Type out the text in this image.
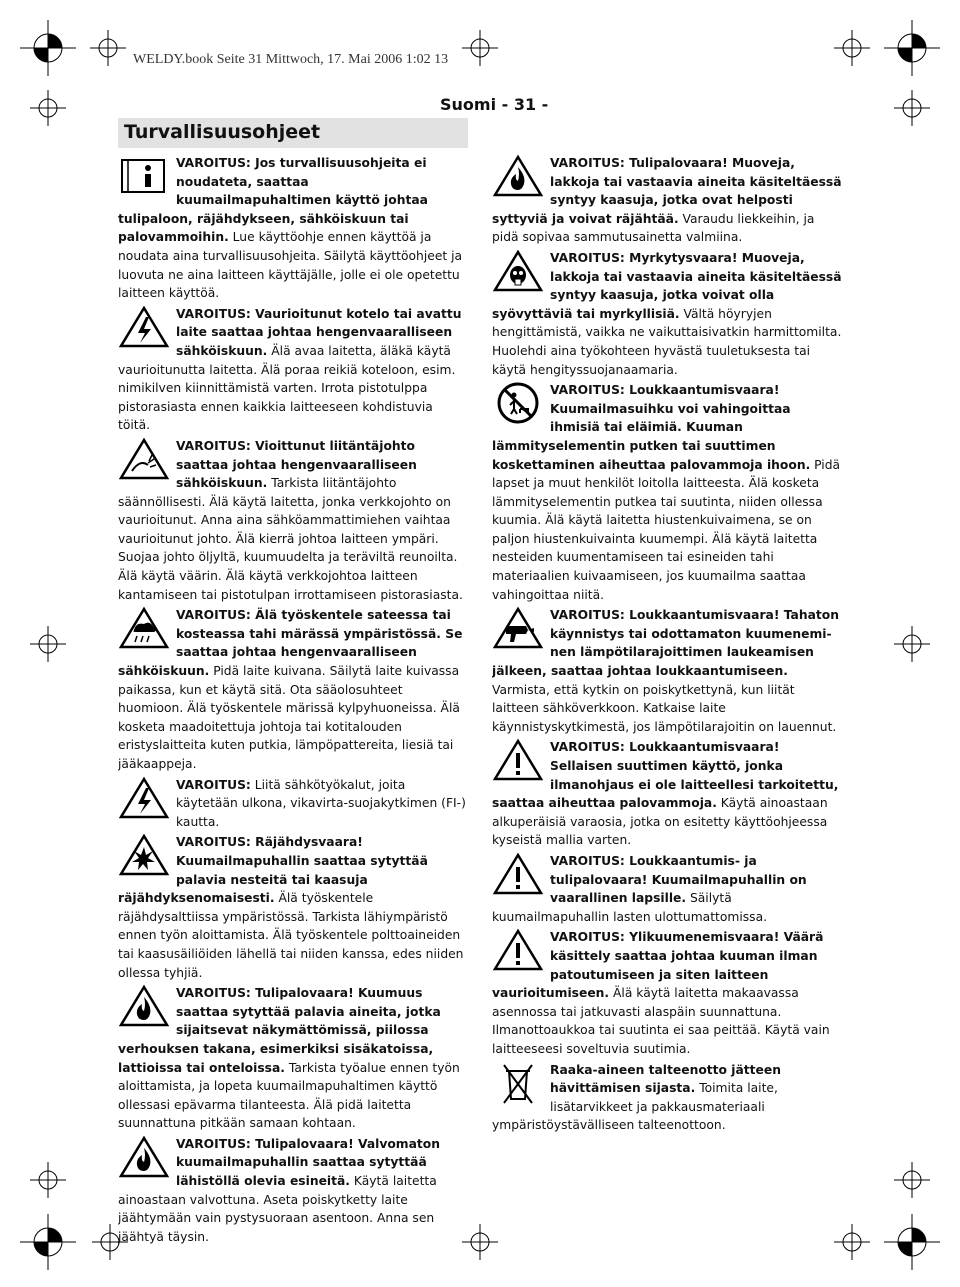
WELDY.book Seite 31 Mittwoch, 17. Mai 2006 1:02 13
Suomi - 31 -
Turvallisuusohjeet

VAROITUS: Jos turvallisuusohjeita ei noudateta, saattaa kuumailmapuhaltimen käyttö johtaa tulipaloon, räjähdykseen, sähköiskuun tai palovammoihin. Lue käyttöohje ennen käyttöä ja noudata aina turvallisuusohjeita. Säilytä käyttöohjeet ja luovuta ne aina laitteen käyttäjälle, jolle ei ole opetettu laitteen käyttöä.

VAROITUS: Vaurioitunut kotelo tai avattu laite saattaa johtaa hengenvaaralliseen sähköiskuun. Älä avaa laitetta, äläkä käytä vaurioitunutta laitetta. Älä poraa reikiä koteloon, esim. nimikilven kiinnittämistä varten. Irrota pistotulppa pistorasiasta ennen kaikkia laitteeseen kohdistuvia töitä.

VAROITUS: Vioittunut liitäntäjohto saattaa johtaa hengenvaaralliseen sähköiskuun. Tarkista liitäntäjohto säännöllisesti. Älä käytä laitetta, jonka verkkojohto on vaurioitunut. Anna aina sähköammattimiehen vaihtaa vaurioitunut johto. Älä kierrä johtoa laitteen ympäri. Suojaa johto öljyltä, kuumuudelta ja teräviltä reunoilta. Älä käytä väärin. Älä käytä verkkojohtoa laitteen kantamiseen tai pistotulpan irrottamiseen pistorasiasta.

VAROITUS: Älä työskentele sateessa tai kosteassa tahi märässä ympäristössä. Se saattaa johtaa hengenvaaralliseen sähköiskuun. Pidä laite kuivana. Säilytä laite kuivassa paikassa, kun et käytä sitä. Ota sääolosuhteet huomioon. Älä työskentele märissä kylpyhuoneissa. Älä kosketa maadoitettuja johtoja tai kotitalouden eristyslaitteita kuten putkia, lämpöpattereita, liesiä tai jääkaappeja.

VAROITUS: Liitä sähkötyökalut, joita käytetään ulkona, vikavirta-suojakytkimen (FI-) kautta.

VAROITUS: Räjähdysvaara! Kuumailmapuhallin saattaa sytyttää palavia nesteitä tai kaasuja räjähdyksenomaisesti. Älä työskentele räjähdysalttiissa ympäristössä. Tarkista lähiympäristö ennen työn aloittamista. Älä työskentele polttoaineiden tai kaasusäiliöiden lähellä tai niiden kanssa, edes niiden ollessa tyhjiä.

VAROITUS: Tulipalovaara! Kuumuus saattaa sytyttää palavia aineita, jotka sijaitsevat näkymättömissä, piilossa verhouksen takana, esimerkiksi sisäkatoissa, lattioissa tai onteloissa. Tarkista työalue ennen työn aloittamista, ja lopeta kuumailmapuhaltimen käyttö ollessasi epävarma tilanteesta. Älä pidä laitetta suunnattuna pitkään samaan kohtaan.

VAROITUS: Tulipalovaara! Valvomaton kuumailmapuhallin saattaa sytyttää lähistöllä olevia esineitä. Käytä laitetta ainoastaan valvottuna. Aseta poiskytketty laite jäähtymään vain pystysuoraan asentoon. Anna sen jäähtyä täysin.

VAROITUS: Tulipalovaara! Muoveja, lakkoja tai vastaavia aineita käsiteltäessä syntyy kaasuja, jotka ovat helposti syttyviä ja voivat räjähtää. Varaudu liekkeihin, ja pidä sopivaa sammutusainetta valmiina.

VAROITUS: Myrkytysvaara! Muoveja, lakkoja tai vastaavia aineita käsiteltäessä syntyy kaasuja, jotka voivat olla syövyttäviä tai myrkyllisiä. Vältä höyryjen hengittämistä, vaikka ne vaikuttaisivatkin harmittomilta. Huolehdi aina työkohteen hyvästä tuuletuksesta tai käytä hengityssuojanaamaria.

VAROITUS: Loukkaantumisvaara! Kuumailmasuihku voi vahingoittaa ihmisiä tai eläimiä. Kuuman lämmityselementin putken tai suuttimen koskettaminen aiheuttaa palovammoja ihoon. Pidä lapset ja muut henkilöt loitolla laitteesta. Älä kosketa lämmityselementin putkea tai suutinta, niiden ollessa kuumia. Älä käytä laitetta hiustenkuivaimena, se on paljon hiustenkuivainta kuumempi. Älä käytä laitetta nesteiden kuumentamiseen tai esineiden tahi materiaalien kuivaamiseen, jos kuumailma saattaa vahingoittaa niitä.

VAROITUS: Loukkaantumisvaara! Tahaton käynnistys tai odottamaton kuumenemi-nen lämpötilarajoittimen laukeamisen jälkeen, saattaa johtaa loukkaantumiseen. Varmista, että kytkin on poiskytkettynä, kun liität laitteen sähköverkkoon. Katkaise laite käynnistyskytkimestä, jos lämpötilarajoitin on lauennut.

VAROITUS: Loukkaantumisvaara! Sellaisen suuttimen käyttö, jonka ilmanohjaus ei ole laitteellesi tarkoitettu, saattaa aiheuttaa palovammoja. Käytä ainoastaan alkuperäisiä varaosia, jotka on esitetty käyttöohjeessa kyseistä mallia varten.

VAROITUS: Loukkaantumis- ja tulipalovaara! Kuumailmapuhallin on vaarallinen lapsille. Säilytä kuumailmapuhallin lasten ulottumattomissa.

VAROITUS: Ylikuumenemisvaara! Väärä käsittely saattaa johtaa kuuman ilman patoutumiseen ja siten laitteen vaurioitumiseen. Älä käytä laitetta makaavassa asennossa tai jatkuvasti alaspäin suunnattuna. Ilmanottoaukkoa tai suutinta ei saa peittää. Käytä vain laitteeseesi soveltuvia suutimia.

Raaka-aineen talteenotto jätteen hävittämisen sijasta. Toimita laite, lisätarvikkeet ja pakkausmateriaali ympäristöystävälliseen talteenottoon.
